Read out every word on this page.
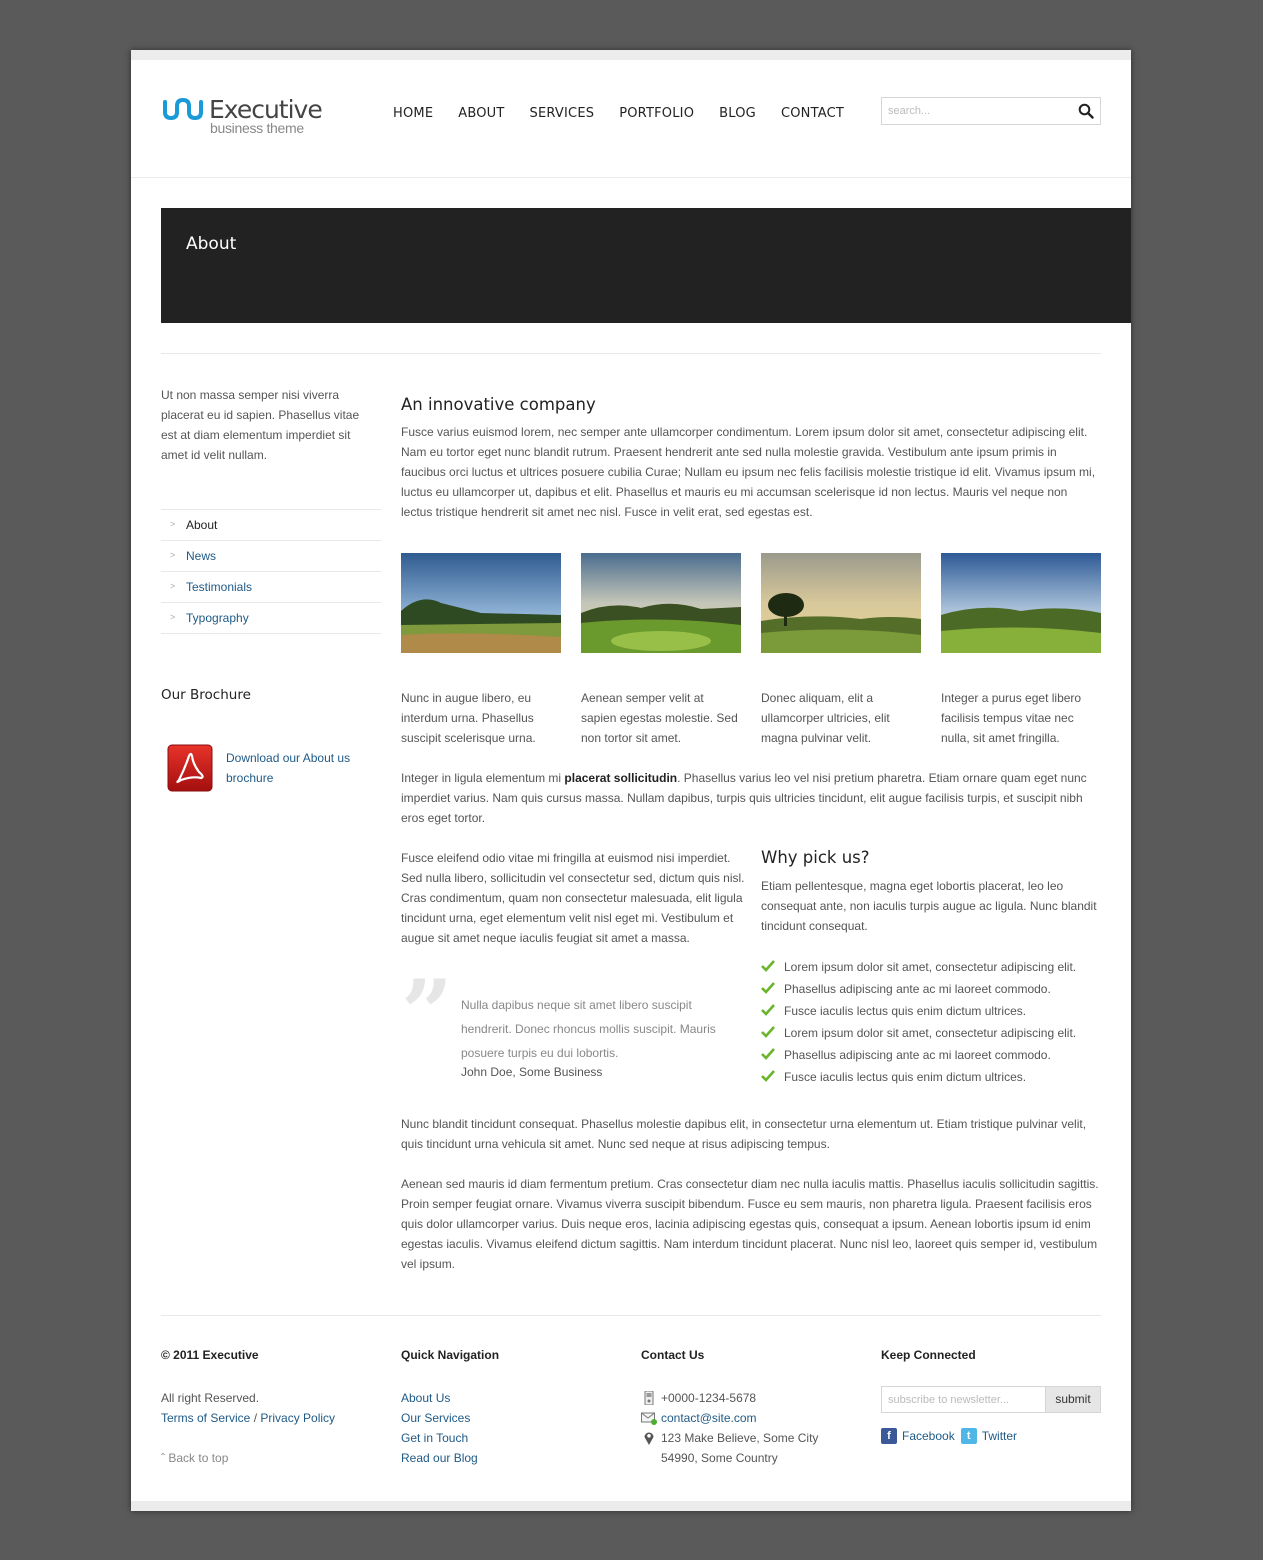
Executive
business theme
HOME ABOUT SERVICES PORTFOLIO BLOG CONTACT
search...
About
Ut non massa semper nisi viverra placerat eu id sapien. Phasellus vitae est at diam elementum imperdiet sit amet id velit nullam.
> About
> News
> Testimonials
> Typography
Our Brochure
Download our About us brochure
An innovative company
Fusce varius euismod lorem, nec semper ante ullamcorper condimentum. Lorem ipsum dolor sit amet, consectetur adipiscing elit. Nam eu tortor eget nunc blandit rutrum. Praesent hendrerit ante sed nulla molestie gravida. Vestibulum ante ipsum primis in faucibus orci luctus et ultrices posuere cubilia Curae; Nullam eu ipsum nec felis facilisis molestie tristique id elit. Vivamus ipsum mi, luctus eu ullamcorper ut, dapibus et elit. Phasellus et mauris eu mi accumsan scelerisque id non lectus. Mauris vel neque non lectus tristique hendrerit sit amet nec nisl. Fusce in velit erat, sed egestas est.
Nunc in augue libero, eu interdum urna. Phasellus suscipit scelerisque urna.
Aenean semper velit at sapien egestas molestie. Sed non tortor sit amet.
Donec aliquam, elit a ullamcorper ultricies, elit magna pulvinar velit.
Integer a purus eget libero facilisis tempus vitae nec nulla, sit amet fringilla.
Integer in ligula elementum mi placerat sollicitudin. Phasellus varius leo vel nisi pretium pharetra. Etiam ornare quam eget nunc imperdiet varius. Nam quis cursus massa. Nullam dapibus, turpis quis ultricies tincidunt, elit augue facilisis turpis, et suscipit nibh eros eget tortor.
Fusce eleifend odio vitae mi fringilla at euismod nisi imperdiet. Sed nulla libero, sollicitudin vel consectetur sed, dictum quis nisl. Cras condimentum, quam non consectetur malesuada, elit ligula tincidunt urna, eget elementum velit nisl eget mi. Vestibulum et augue sit amet neque iaculis feugiat sit amet a massa.
” Nulla dapibus neque sit amet libero suscipit hendrerit. Donec rhoncus mollis suscipit. Mauris posuere turpis eu dui lobortis.
John Doe, Some Business
Why pick us?
Etiam pellentesque, magna eget lobortis placerat, leo leo consequat ante, non iaculis turpis augue ac ligula. Nunc blandit tincidunt consequat.
Lorem ipsum dolor sit amet, consectetur adipiscing elit.
Phasellus adipiscing ante ac mi laoreet commodo.
Fusce iaculis lectus quis enim dictum ultrices.
Lorem ipsum dolor sit amet, consectetur adipiscing elit.
Phasellus adipiscing ante ac mi laoreet commodo.
Fusce iaculis lectus quis enim dictum ultrices.
Nunc blandit tincidunt consequat. Phasellus molestie dapibus elit, in consectetur urna elementum ut. Etiam tristique pulvinar velit, quis tincidunt urna vehicula sit amet. Nunc sed neque at risus adipiscing tempus.
Aenean sed mauris id diam fermentum pretium. Cras consectetur diam nec nulla iaculis mattis. Phasellus iaculis sollicitudin sagittis. Proin semper feugiat ornare. Vivamus viverra suscipit bibendum. Fusce eu sem mauris, non pharetra ligula. Praesent facilisis eros quis dolor ullamcorper varius. Duis neque eros, lacinia adipiscing egestas quis, consequat a ipsum. Aenean lobortis ipsum id enim egestas iaculis. Vivamus eleifend dictum sagittis. Nam interdum tincidunt placerat. Nunc nisl leo, laoreet quis semper id, vestibulum vel ipsum.
© 2011 Executive
All right Reserved.
Terms of Service / Privacy Policy
ˆ Back to top
Quick Navigation
About Us
Our Services
Get in Touch
Read our Blog
Contact Us
+0000-1234-5678
contact@site.com
123 Make Believe, Some City
54990, Some Country
Keep Connected
subscribe to newsletter...
submit
f Facebook	t Twitter
